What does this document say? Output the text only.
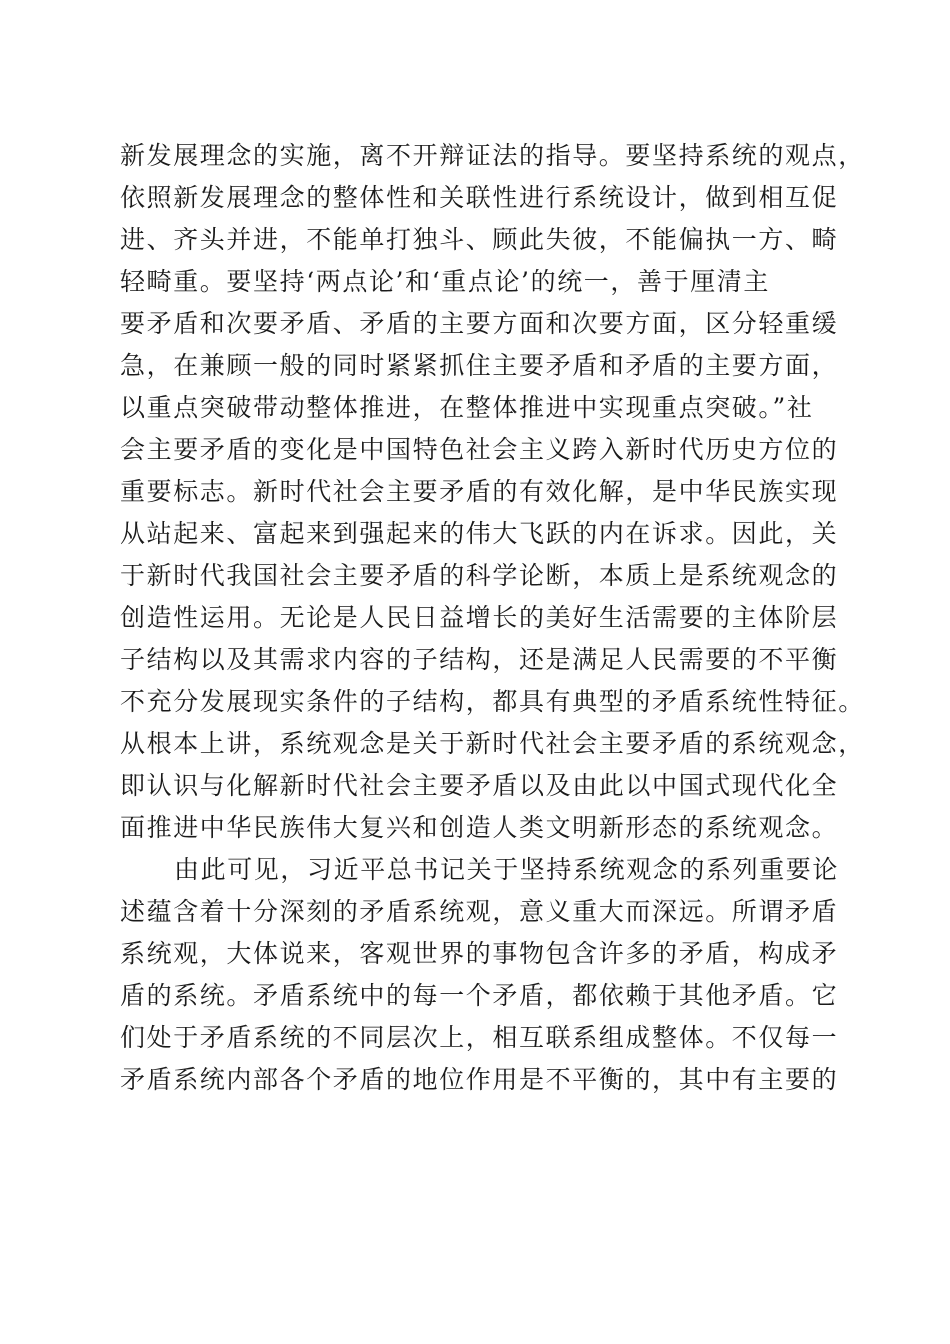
新发展理念的实施，离不开辩证法的指导。要坚持系统的观点，
依照新发展理念的整体性和关联性进行系统设计，做到相互促
进、齐头并进，不能单打独斗、顾此失彼，不能偏执一方、畸
轻畸重。要坚持‘两点论’和‘重点论’的统一，善于厘清主
要矛盾和次要矛盾、矛盾的主要方面和次要方面，区分轻重缓
急，在兼顾一般的同时紧紧抓住主要矛盾和矛盾的主要方面，
以重点突破带动整体推进，在整体推进中实现重点突破。”社
会主要矛盾的变化是中国特色社会主义跨入新时代历史方位的
重要标志。新时代社会主要矛盾的有效化解，是中华民族实现
从站起来、富起来到强起来的伟大飞跃的内在诉求。因此，关
于新时代我国社会主要矛盾的科学论断，本质上是系统观念的
创造性运用。无论是人民日益增长的美好生活需要的主体阶层
子结构以及其需求内容的子结构，还是满足人民需要的不平衡
不充分发展现实条件的子结构，都具有典型的矛盾系统性特征。
从根本上讲，系统观念是关于新时代社会主要矛盾的系统观念，
即认识与化解新时代社会主要矛盾以及由此以中国式现代化全
面推进中华民族伟大复兴和创造人类文明新形态的系统观念。
由此可见，习近平总书记关于坚持系统观念的系列重要论
述蕴含着十分深刻的矛盾系统观，意义重大而深远。所谓矛盾
系统观，大体说来，客观世界的事物包含许多的矛盾，构成矛
盾的系统。矛盾系统中的每一个矛盾，都依赖于其他矛盾。它
们处于矛盾系统的不同层次上，相互联系组成整体。不仅每一
矛盾系统内部各个矛盾的地位作用是不平衡的，其中有主要的
